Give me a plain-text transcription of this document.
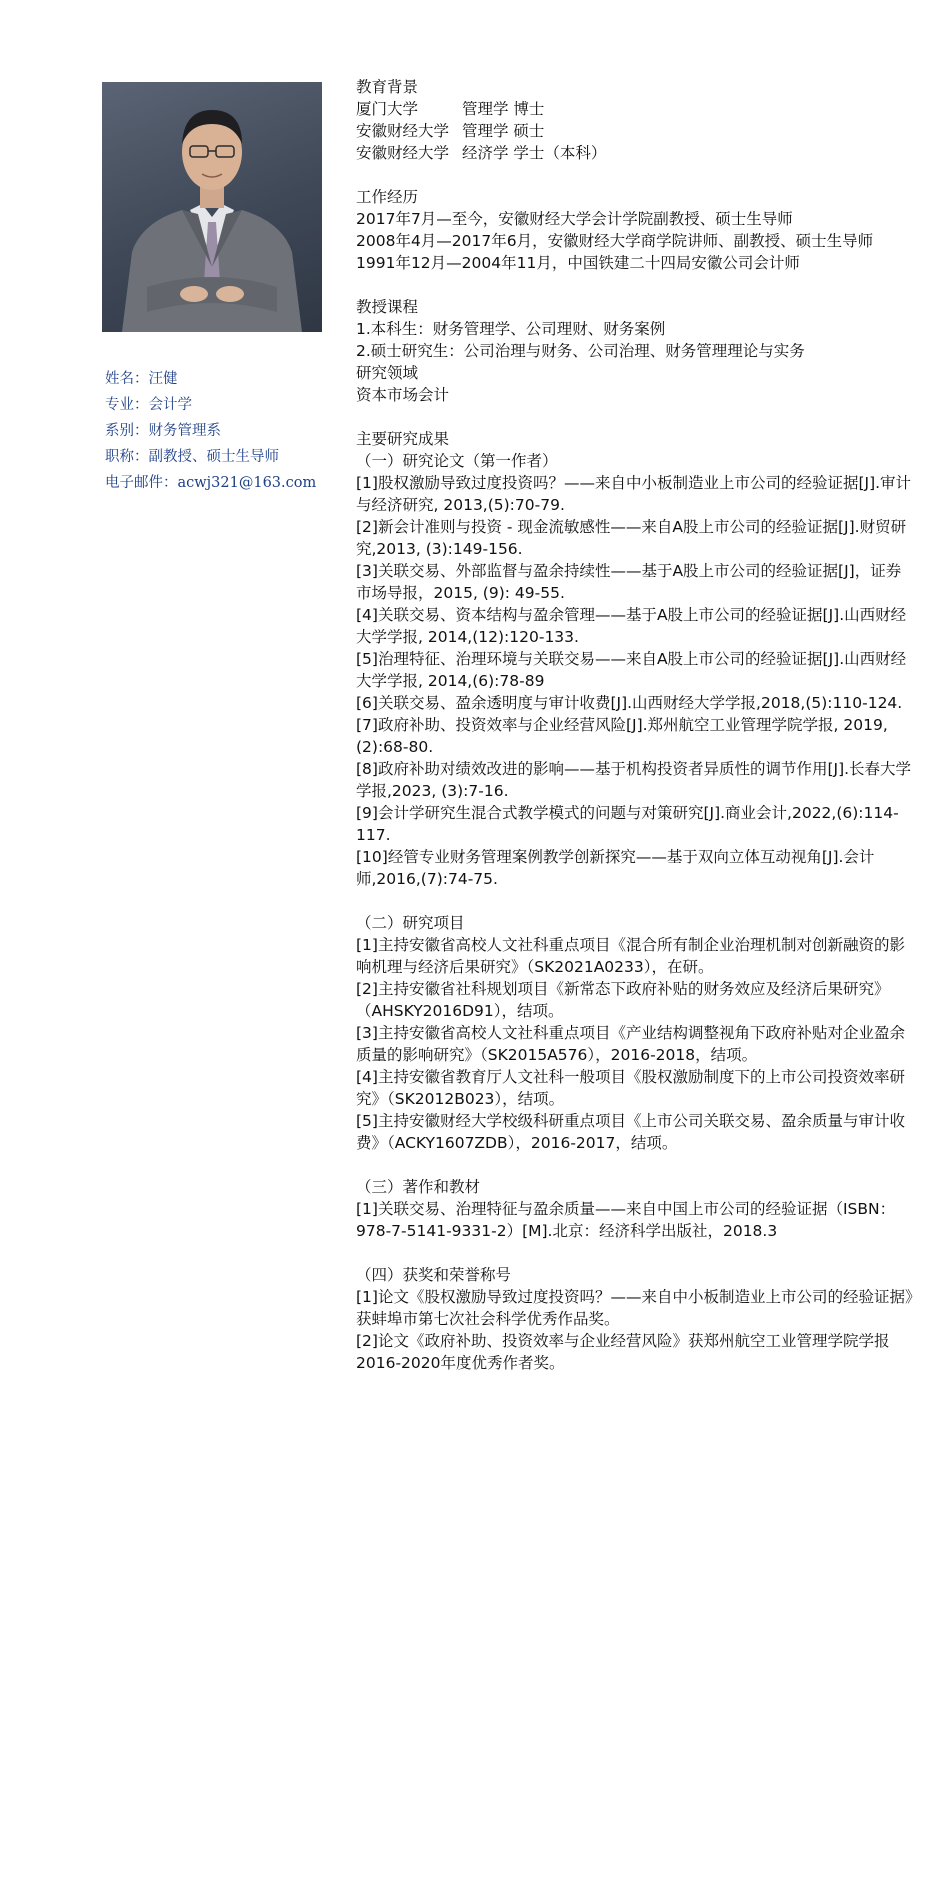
姓名：汪健
专业：会计学
系别：财务管理系
职称：副教授、硕士生导师
电子邮件：acwj321@163.com
教育背景
厦门大学	管理学 博士
安徽财经大学 管理学 硕士
安徽财经大学 经济学 学士（本科）
工作经历
2017年7月—至今，安徽财经大学会计学院副教授、硕士生导师
2008年4月—2017年6月，安徽财经大学商学院讲师、副教授、硕士生导师
1991年12月—2004年11月，中国铁建二十四局安徽公司会计师
教授课程
1.本科生：财务管理学、公司理财、财务案例
2.硕士研究生：公司治理与财务、公司治理、财务管理理论与实务
研究领域
资本市场会计
主要研究成果
（一）研究论文（第一作者）
[1]股权激励导致过度投资吗？——来自中小板制造业上市公司的经验证据[J].审计与经济研究, 2013,(5):70-79.
[2]新会计准则与投资 - 现金流敏感性——来自A股上市公司的经验证据[J].财贸研究,2013, (3):149-156.
[3]关联交易、外部监督与盈余持续性——基于A股上市公司的经验证据[J]，证券市场导报，2015, (9): 49-55.
[4]关联交易、资本结构与盈余管理——基于A股上市公司的经验证据[J].山西财经大学学报, 2014,(12):120-133.
[5]治理特征、治理环境与关联交易——来自A股上市公司的经验证据[J].山西财经大学学报, 2014,(6):78-89
[6]关联交易、盈余透明度与审计收费[J].山西财经大学学报,2018,(5):110-124.
[7]政府补助、投资效率与企业经营风险[J].郑州航空工业管理学院学报, 2019,(2):68-80.
[8]政府补助对绩效改进的影响——基于机构投资者异质性的调节作用[J].长春大学学报,2023, (3):7-16.
[9]会计学研究生混合式教学模式的问题与对策研究[J].商业会计,2022,(6):114-117.
[10]经管专业财务管理案例教学创新探究——基于双向立体互动视角[J].会计师,2016,(7):74-75.
（二）研究项目
[1]主持安徽省高校人文社科重点项目《混合所有制企业治理机制对创新融资的影响机理与经济后果研究》（SK2021A0233），在研。
[2]主持安徽省社科规划项目《新常态下政府补贴的财务效应及经济后果研究》（AHSKY2016D91），结项。
[3]主持安徽省高校人文社科重点项目《产业结构调整视角下政府补贴对企业盈余质量的影响研究》（SK2015A576），2016-2018，结项。
[4]主持安徽省教育厅人文社科一般项目《股权激励制度下的上市公司投资效率研究》（SK2012B023），结项。
[5]主持安徽财经大学校级科研重点项目《上市公司关联交易、盈余质量与审计收费》（ACKY1607ZDB），2016-2017，结项。
（三）著作和教材
[1]关联交易、治理特征与盈余质量——来自中国上市公司的经验证据（ISBN：978-7-5141-9331-2）[M].北京：经济科学出版社，2018.3
（四）获奖和荣誉称号
[1]论文《股权激励导致过度投资吗？——来自中小板制造业上市公司的经验证据》获蚌埠市第七次社会科学优秀作品奖。
[2]论文《政府补助、投资效率与企业经营风险》获郑州航空工业管理学院学报2016-2020年度优秀作者奖。
